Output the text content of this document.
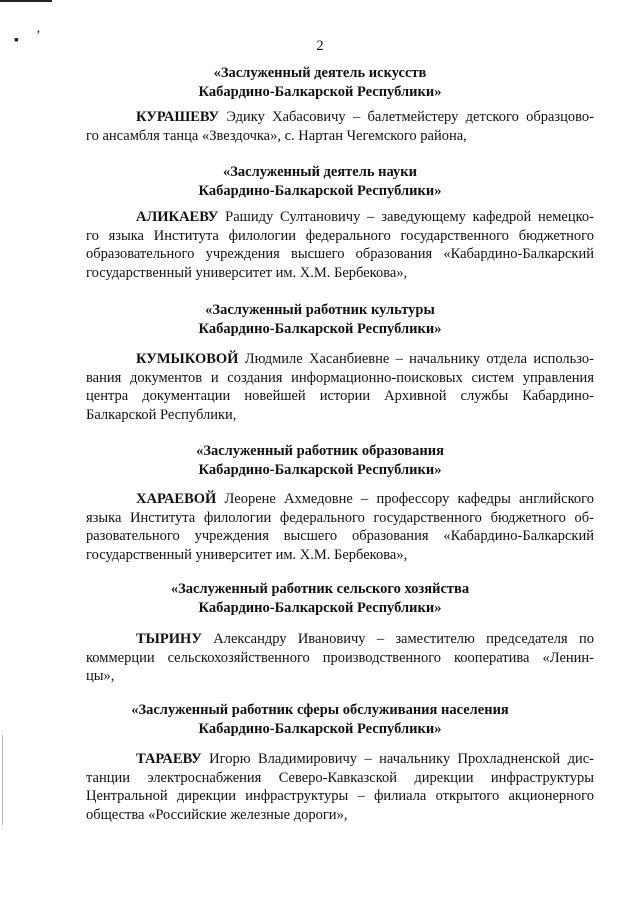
▪
‚
2
«Заслуженный деятель искусств
Кабардино-Балкарской Республики»
КУРАШЕВУ Эдику Хабасовичу – балетмейстеру детского образцово-
го ансамбля танца «Звездочка», с. Нартан Чегемского района,
«Заслуженный деятель науки
Кабардино-Балкарской Республики»
АЛИКАЕВУ Рашиду Султановичу – заведующему кафедрой немецко-
го языка Института филологии федерального государственного бюджетного
образовательного учреждения высшего образования «Кабардино-Балкарский
государственный университет им. Х.М. Бербекова»,
«Заслуженный работник культуры
Кабардино-Балкарской Республики»
КУМЫКОВОЙ Людмиле Хасанбиевне – начальнику отдела использо-
вания документов и создания информационно-поисковых систем управления
центра документации новейшей истории Архивной службы Кабардино-
Балкарской Республики,
«Заслуженный работник образования
Кабардино-Балкарской Республики»
ХАРАЕВОЙ Леорене Ахмедовне – профессору кафедры английского
языка Института филологии федерального государственного бюджетного об-
разовательного учреждения высшего образования «Кабардино-Балкарский
государственный университет им. Х.М. Бербекова»,
«Заслуженный работник сельского хозяйства
Кабардино-Балкарской Республики»
ТЫРИНУ Александру Ивановичу – заместителю председателя по
коммерции сельскохозяйственного производственного кооператива «Ленин-
цы»,
«Заслуженный работник сферы обслуживания населения
Кабардино-Балкарской Республики»
ТАРАЕВУ Игорю Владимировичу – начальнику Прохладненской дис-
танции электроснабжения Северо-Кавказской дирекции инфраструктуры
Центральной дирекции инфраструктуры – филиала открытого акционерного
общества «Российские железные дороги»,
